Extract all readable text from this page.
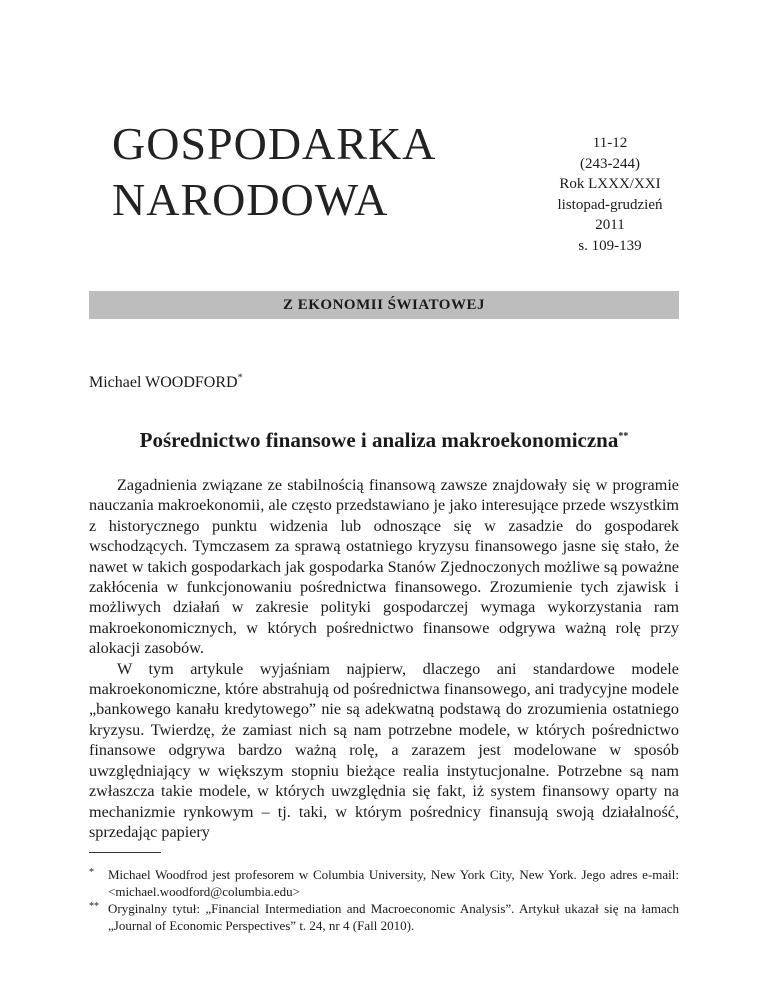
GOSPODARKA
NARODOWA
11-12
(243-244)
Rok LXXX/XXI
listopad-grudzień
2011
s. 109-139
Z EKONOMII ŚWIATOWEJ
Michael WOODFORD*
Pośrednictwo finansowe i analiza makroekonomiczna**

Zagadnienia związane ze stabilnością finansową zawsze znajdowały się w programie nauczania makroekonomii, ale często przedstawiano je jako interesujące przede wszystkim z historycznego punktu widzenia lub odnoszące się w zasadzie do gospodarek wschodzących. Tymczasem za sprawą ostatniego kryzysu finansowego jasne się stało, że nawet w takich gospodarkach jak gospodarka Stanów Zjednoczonych możliwe są poważne zakłócenia w funkcjonowaniu pośrednictwa finansowego. Zrozumienie tych zjawisk i możliwych działań w zakresie polityki gospodarczej wymaga wykorzystania ram makroekonomicznych, w których pośrednictwo finansowe odgrywa ważną rolę przy alokacji zasobów.

W tym artykule wyjaśniam najpierw, dlaczego ani standardowe modele makroekonomiczne, które abstrahują od pośrednictwa finansowego, ani tradycyjne modele „bankowego kanału kredytowego” nie są adekwatną podstawą do zrozumienia ostatniego kryzysu. Twierdzę, że zamiast nich są nam potrzebne modele, w których pośrednictwo finansowe odgrywa bardzo ważną rolę, a zarazem jest modelowane w sposób uwzględniający w większym stopniu bieżące realia instytucjonalne. Potrzebne są nam zwłaszcza takie modele, w których uwzględnia się fakt, iż system finansowy oparty na mechanizmie rynkowym – tj. taki, w którym pośrednicy finansują swoją działalność, sprzedając papiery

* Michael Woodfrod jest profesorem w Columbia University, New York City, New York. Jego adres e-mail: <michael.woodford@columbia.edu>
** Oryginalny tytuł: „Financial Intermediation and Macroeconomic Analysis”. Artykuł ukazał się na łamach „Journal of Economic Perspectives” t. 24, nr 4 (Fall 2010).
